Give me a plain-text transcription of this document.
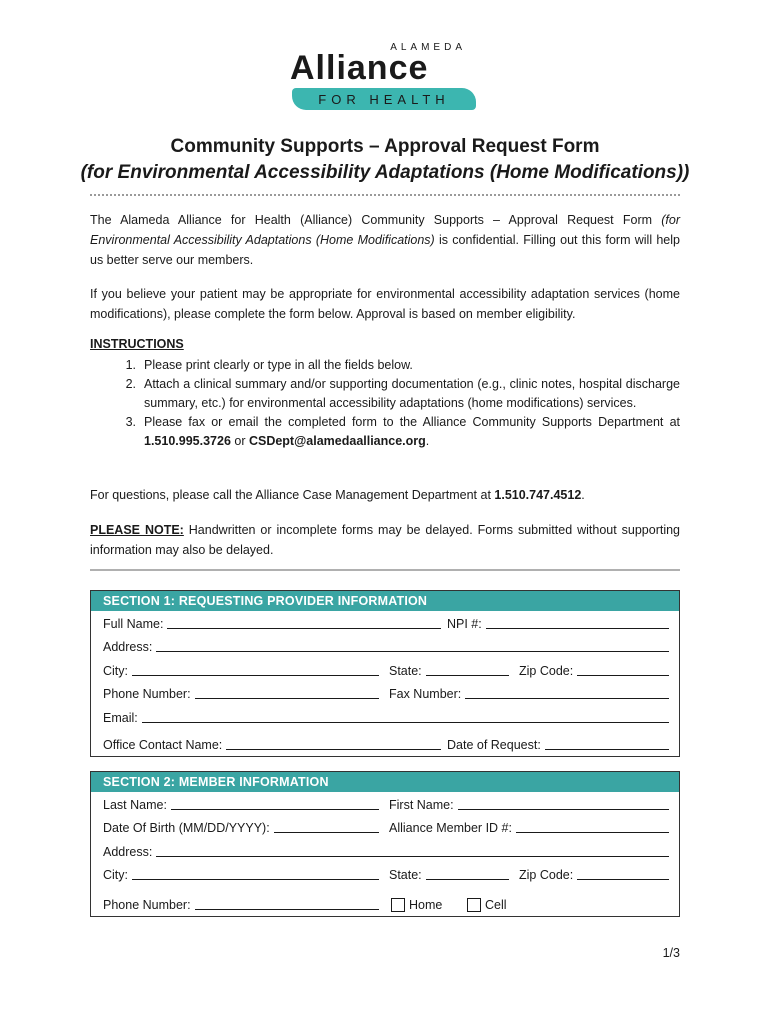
ALAMEDA
Alliance
FOR HEALTH
Community Supports – Approval Request Form
(for Environmental Accessibility Adaptations (Home Modifications))
The Alameda Alliance for Health (Alliance) Community Supports – Approval Request Form (for Environmental Accessibility Adaptations (Home Modifications) is confidential. Filling out this form will help us better serve our members.
If you believe your patient may be appropriate for environmental accessibility adaptation services (home modifications), please complete the form below. Approval is based on member eligibility.
INSTRUCTIONS
1. Please print clearly or type in all the fields below.
2. Attach a clinical summary and/or supporting documentation (e.g., clinic notes, hospital discharge summary, etc.) for environmental accessibility adaptations (home modifications) services.
3. Please fax or email the completed form to the Alliance Community Supports Department at 1.510.995.3726 or CSDept@alamedaalliance.org.
For questions, please call the Alliance Case Management Department at 1.510.747.4512.
PLEASE NOTE: Handwritten or incomplete forms may be delayed. Forms submitted without supporting information may also be delayed.
SECTION 1: REQUESTING PROVIDER INFORMATION
Full Name:	NPI #:
Address:
City:	State:	Zip Code:
Phone Number:	Fax Number:
Email:
Office Contact Name:	Date of Request:
SECTION 2: MEMBER INFORMATION
Last Name:	First Name:
Date Of Birth (MM/DD/YYYY):	Alliance Member ID #:
Address:
City:	State:	Zip Code:
Phone Number:	Home	Cell
1/3
